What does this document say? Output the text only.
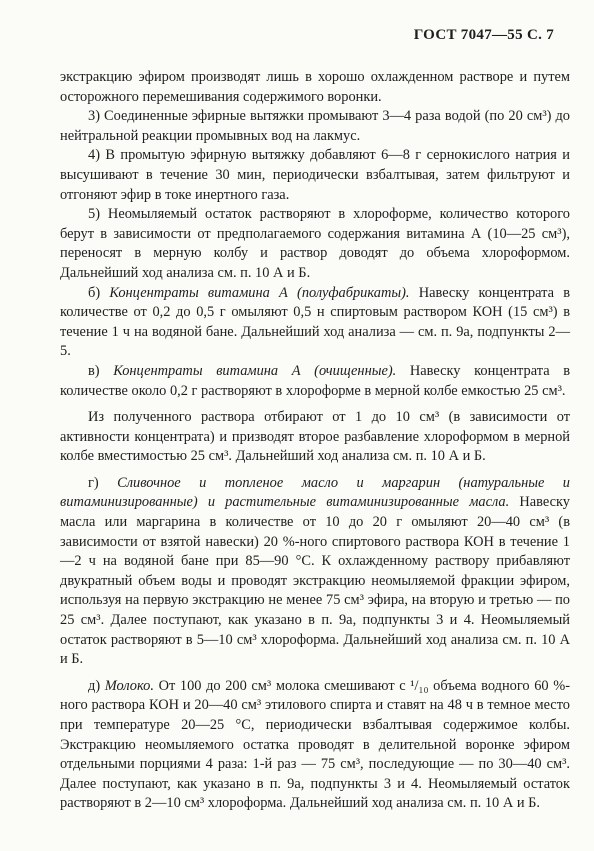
ГОСТ 7047—55 С. 7

экстракцию эфиром производят лишь в хорошо охлажденном растворе и путем осторожного перемешивания содержимого воронки.

3) Соединенные эфирные вытяжки промывают 3—4 раза водой (по 20 см³) до нейтральной реакции промывных вод на лакмус.

4) В промытую эфирную вытяжку добавляют 6—8 г сернокислого натрия и высушивают в течение 30 мин, периодически взбалтывая, затем фильтруют и отгоняют эфир в токе инертного газа.

5) Неомыляемый остаток растворяют в хлороформе, количество которого берут в зависимости от предполагаемого содержания витамина А (10—25 см³), переносят в мерную колбу и раствор доводят до объема хлороформом. Дальнейший ход анализа см. п. 10 А и Б.

б) Концентраты витамина А (полуфабрикаты). Навеску концентрата в количестве от 0,2 до 0,5 г омыляют 0,5 н спиртовым раствором КОН (15 см³) в течение 1 ч на водяной бане. Дальнейший ход анализа — см. п. 9а, подпункты 2—5.

в) Концентраты витамина А (очищенные). Навеску концентрата в количестве около 0,2 г растворяют в хлороформе в мерной колбе емкостью 25 см³.

Из полученного раствора отбирают от 1 до 10 см³ (в зависимости от активности концентрата) и призводят второе разбавление хлороформом в мерной колбе вместимостью 25 см³. Дальнейший ход анализа см. п. 10 А и Б.

г) Сливочное и топленое масло и маргарин (натуральные и витаминизированные) и растительные витаминизированные масла. Навеску масла или маргарина в количестве от 10 до 20 г омыляют 20—40 см³ (в зависимости от взятой навески) 20 %-ного спиртового раствора КОН в течение 1—2 ч на водяной бане при 85—90 °С. К охлажденному раствору прибавляют двукратный объем воды и проводят экстракцию неомыляемой фракции эфиром, используя на первую экстракцию не менее 75 см³ эфира, на вторую и третью — по 25 см³. Далее поступают, как указано в п. 9а, подпункты 3 и 4. Неомыляемый остаток растворяют в 5—10 см³ хлороформа. Дальнейший ход анализа см. п. 10 А и Б.

д) Молоко. От 100 до 200 см³ молока смешивают с ¹/₁₀ объема водного 60 %-ного раствора КОН и 20—40 см³ этилового спирта и ставят на 48 ч в темное место при температуре 20—25 °С, периодически взбалтывая содержимое колбы. Экстракцию неомыляемого остатка проводят в делительной воронке эфиром отдельными порциями 4 раза: 1-й раз — 75 см³, последующие — по 30—40 см³. Далее поступают, как указано в п. 9а, подпункты 3 и 4. Неомыляемый остаток растворяют в 2—10 см³ хлороформа. Дальнейший ход анализа см. п. 10 А и Б.
